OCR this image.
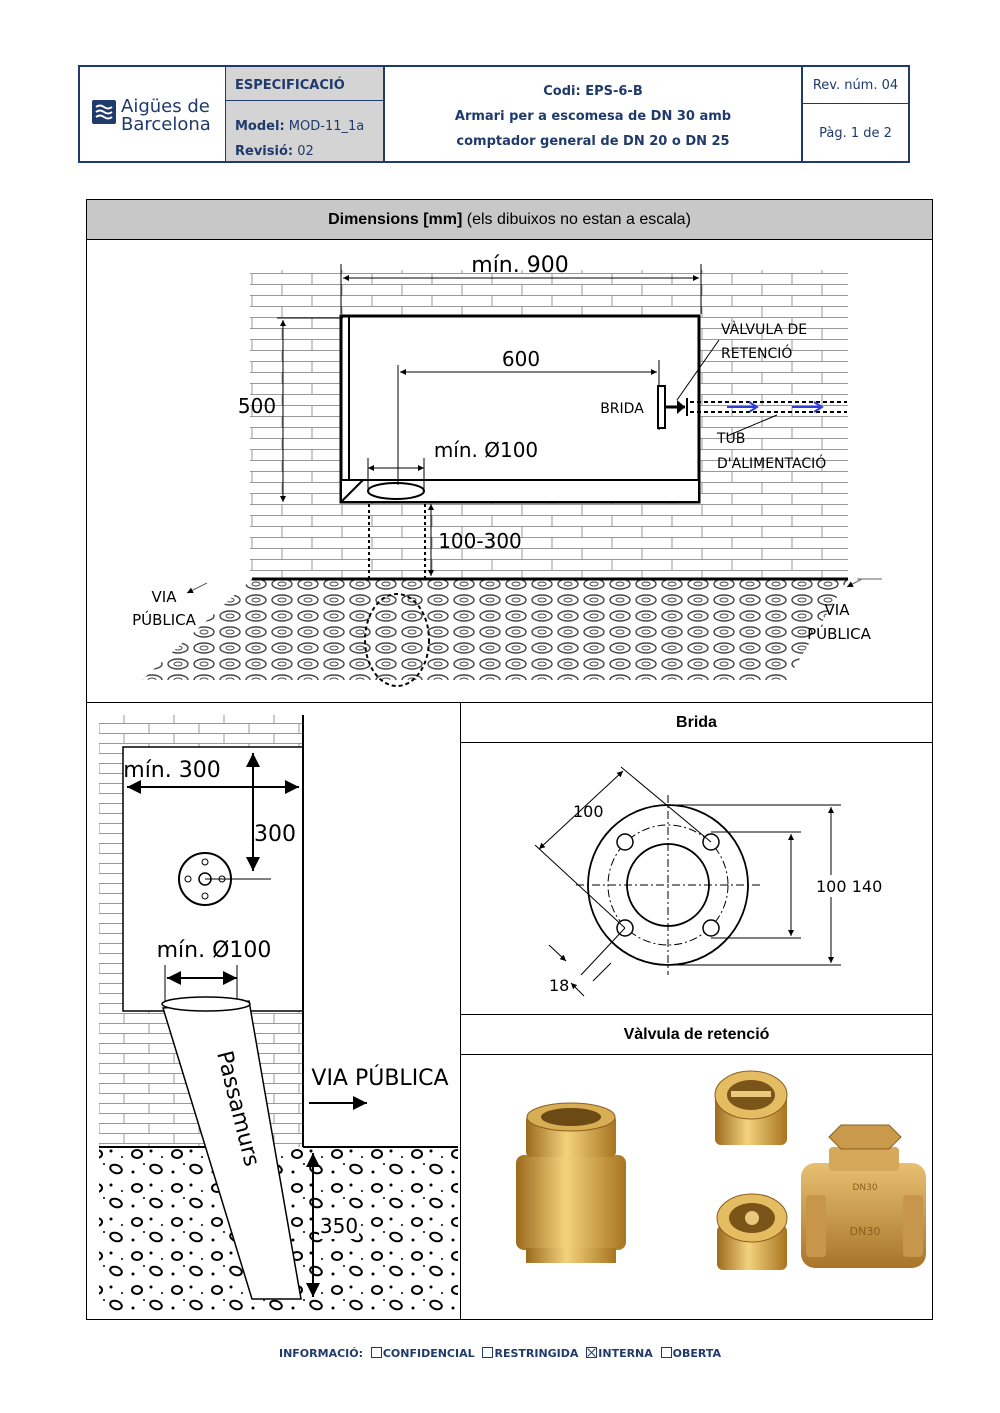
Aigües de
Barcelona
ESPECIFICACIÓ
Model: MOD-11_1a
Revisió: 02
Codi: EPS-6-B
Armari per a escomesa de DN 30 amb
comptador general de DN 20 o DN 25
Rev. núm. 04
Pàg. 1 de 2
Dimensions [mm] (els dibuixos no estan a escala)
mín. 900
600
500
mín. Ø100
BRIDA
VÀLVULA DE
RETENCIÓ
TUB
D'ALIMENTACIÓ
100-300
VIA
PÚBLICA
VIA
PÚBLICA
mín. 300
300
mín. Ø100
Passamurs VIA PÚBLICA
350
Brida
140
100
100
18
Vàlvula de retenció
DN30
DN30
INFORMACIÓ: CONFIDENCIAL RESTRINGIDA INTERNA OBERTA
